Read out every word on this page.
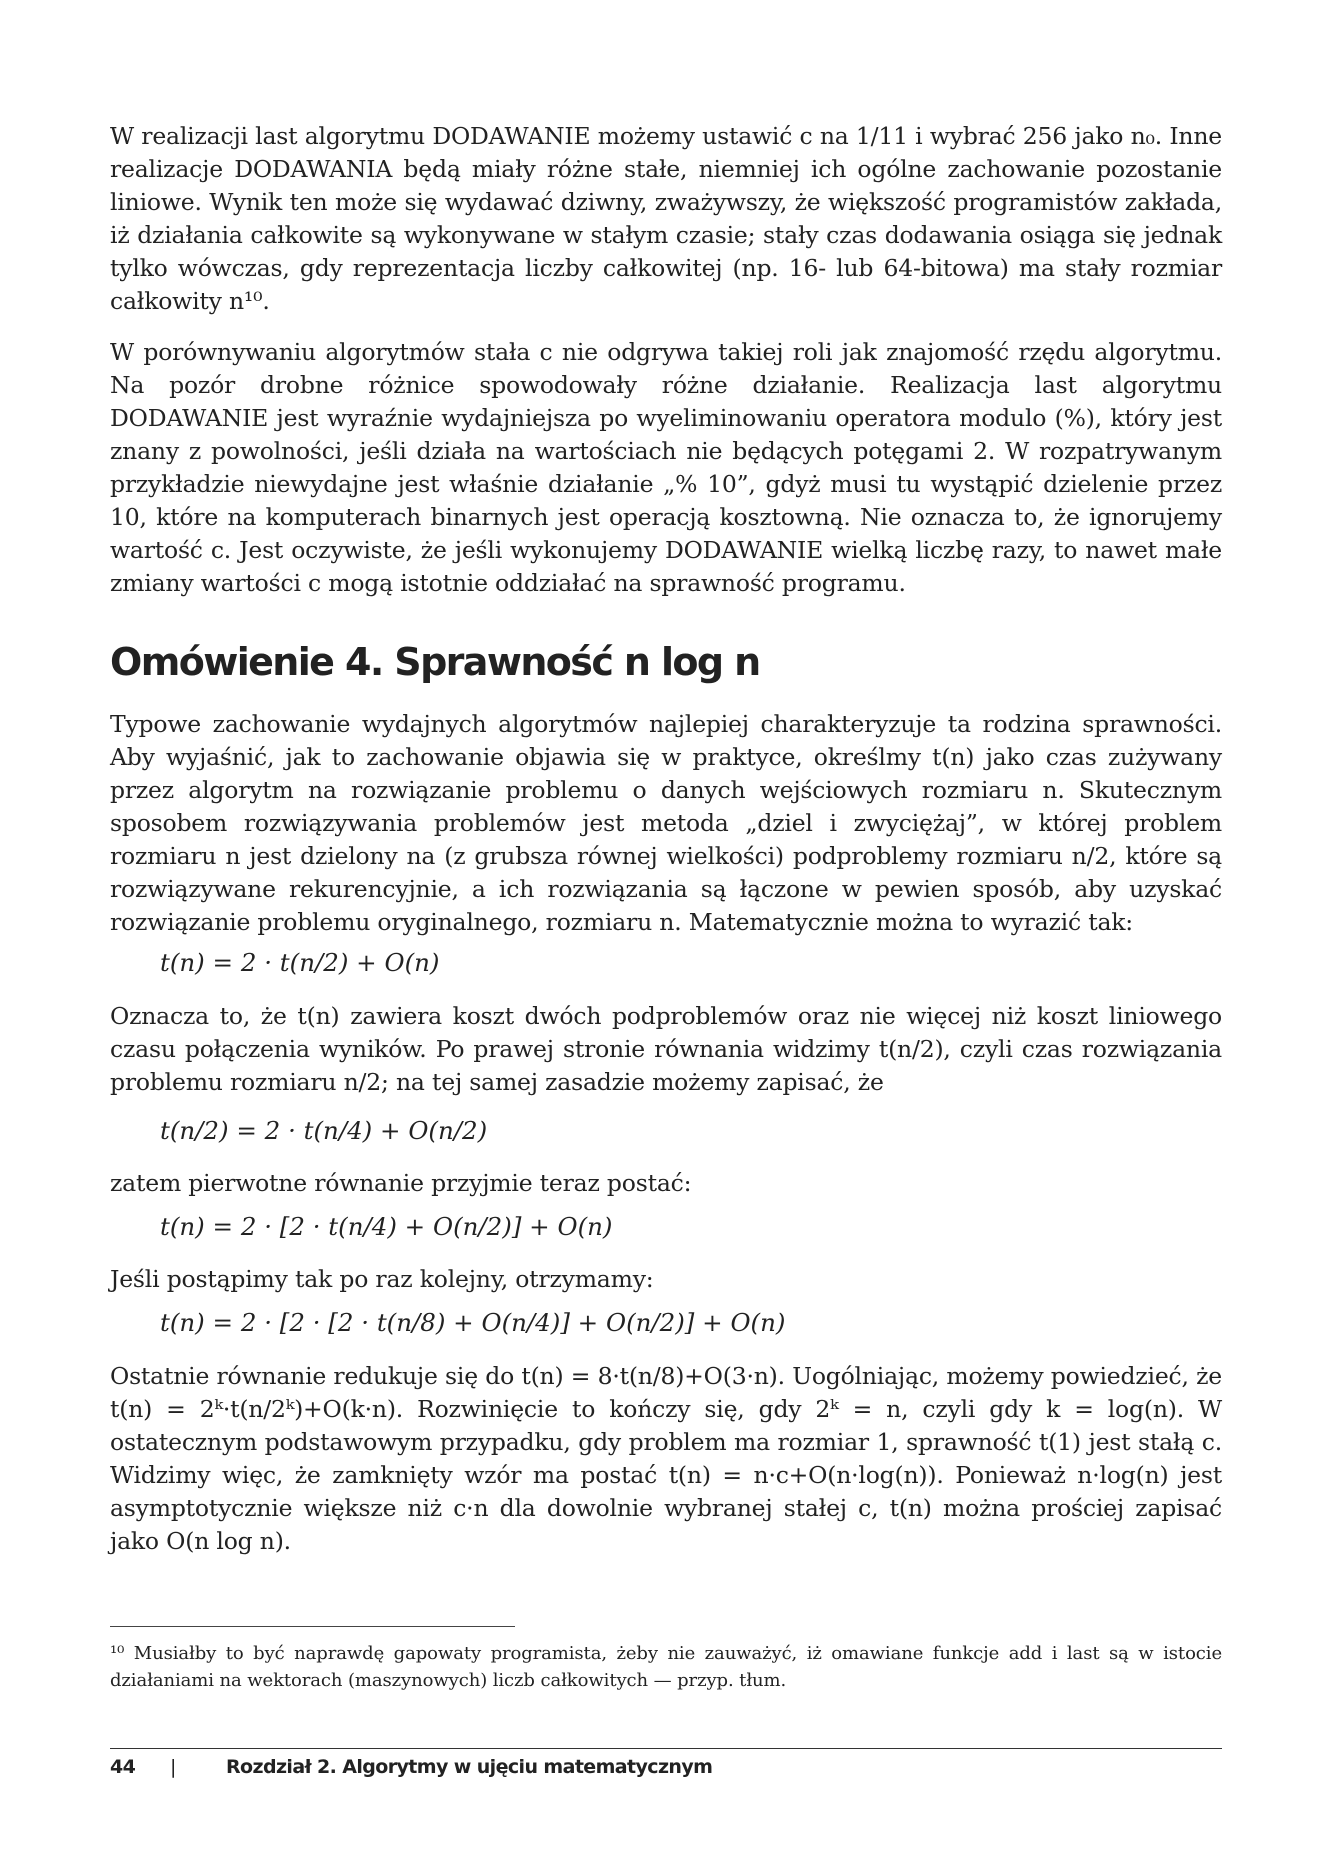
W realizacji last algorytmu DODAWANIE możemy ustawić c na 1/11 i wybrać 256 jako n₀. Inne realizacje DODAWANIA będą miały różne stałe, niemniej ich ogólne zachowanie pozostanie liniowe. Wynik ten może się wydawać dziwny, zważywszy, że większość programistów zakłada, iż działania całkowite są wykonywane w stałym czasie; stały czas dodawania osiąga się jednak tylko wówczas, gdy reprezentacja liczby całkowitej (np. 16- lub 64-bitowa) ma stały rozmiar całkowity n¹⁰.

W porównywaniu algorytmów stała c nie odgrywa takiej roli jak znajomość rzędu algorytmu. Na pozór drobne różnice spowodowały różne działanie. Realizacja last algorytmu DODAWANIE jest wyraźnie wydajniejsza po wyeliminowaniu operatora modulo (%), który jest znany z powolności, jeśli działa na wartościach nie będących potęgami 2. W rozpatrywanym przykładzie niewydajne jest właśnie działanie „% 10”, gdyż musi tu wystąpić dzielenie przez 10, które na komputerach binarnych jest operacją kosztowną. Nie oznacza to, że ignorujemy wartość c. Jest oczywiste, że jeśli wykonujemy DODAWANIE wielką liczbę razy, to nawet małe zmiany wartości c mogą istotnie oddziałać na sprawność programu.

Omówienie 4. Sprawność n log n

Typowe zachowanie wydajnych algorytmów najlepiej charakteryzuje ta rodzina sprawności. Aby wyjaśnić, jak to zachowanie objawia się w praktyce, określmy t(n) jako czas zużywany przez algorytm na rozwiązanie problemu o danych wejściowych rozmiaru n. Skutecznym sposobem rozwiązywania problemów jest metoda „dziel i zwyciężaj”, w której problem rozmiaru n jest dzielony na (z grubsza równej wielkości) podproblemy rozmiaru n/2, które są rozwiązywane rekurencyjnie, a ich rozwiązania są łączone w pewien sposób, aby uzyskać rozwiązanie problemu oryginalnego, rozmiaru n. Matematycznie można to wyrazić tak:

t(n) = 2 · t(n/2) + O(n)

Oznacza to, że t(n) zawiera koszt dwóch podproblemów oraz nie więcej niż koszt liniowego czasu połączenia wyników. Po prawej stronie równania widzimy t(n/2), czyli czas rozwiązania problemu rozmiaru n/2; na tej samej zasadzie możemy zapisać, że

t(n/2) = 2 · t(n/4) + O(n/2)

zatem pierwotne równanie przyjmie teraz postać:

t(n) = 2 · [2 · t(n/4) + O(n/2)] + O(n)

Jeśli postąpimy tak po raz kolejny, otrzymamy:

t(n) = 2 · [2 · [2 · t(n/8) + O(n/4)] + O(n/2)] + O(n)

Ostatnie równanie redukuje się do t(n) = 8·t(n/8)+O(3·n). Uogólniając, możemy powiedzieć, że t(n) = 2ᵏ·t(n/2ᵏ)+O(k·n). Rozwinięcie to kończy się, gdy 2ᵏ = n, czyli gdy k = log(n). W ostatecznym podstawowym przypadku, gdy problem ma rozmiar 1, sprawność t(1) jest stałą c. Widzimy więc, że zamknięty wzór ma postać t(n) = n·c+O(n·log(n)). Ponieważ n·log(n) jest asymptotycznie większe niż c·n dla dowolnie wybranej stałej c, t(n) można prościej zapisać jako O(n log n).

¹⁰ Musiałby to być naprawdę gapowaty programista, żeby nie zauważyć, iż omawiane funkcje add i last są w istocie działaniami na wektorach (maszynowych) liczb całkowitych — przyp. tłum.
44 |	Rozdział 2. Algorytmy w ujęciu matematycznym
